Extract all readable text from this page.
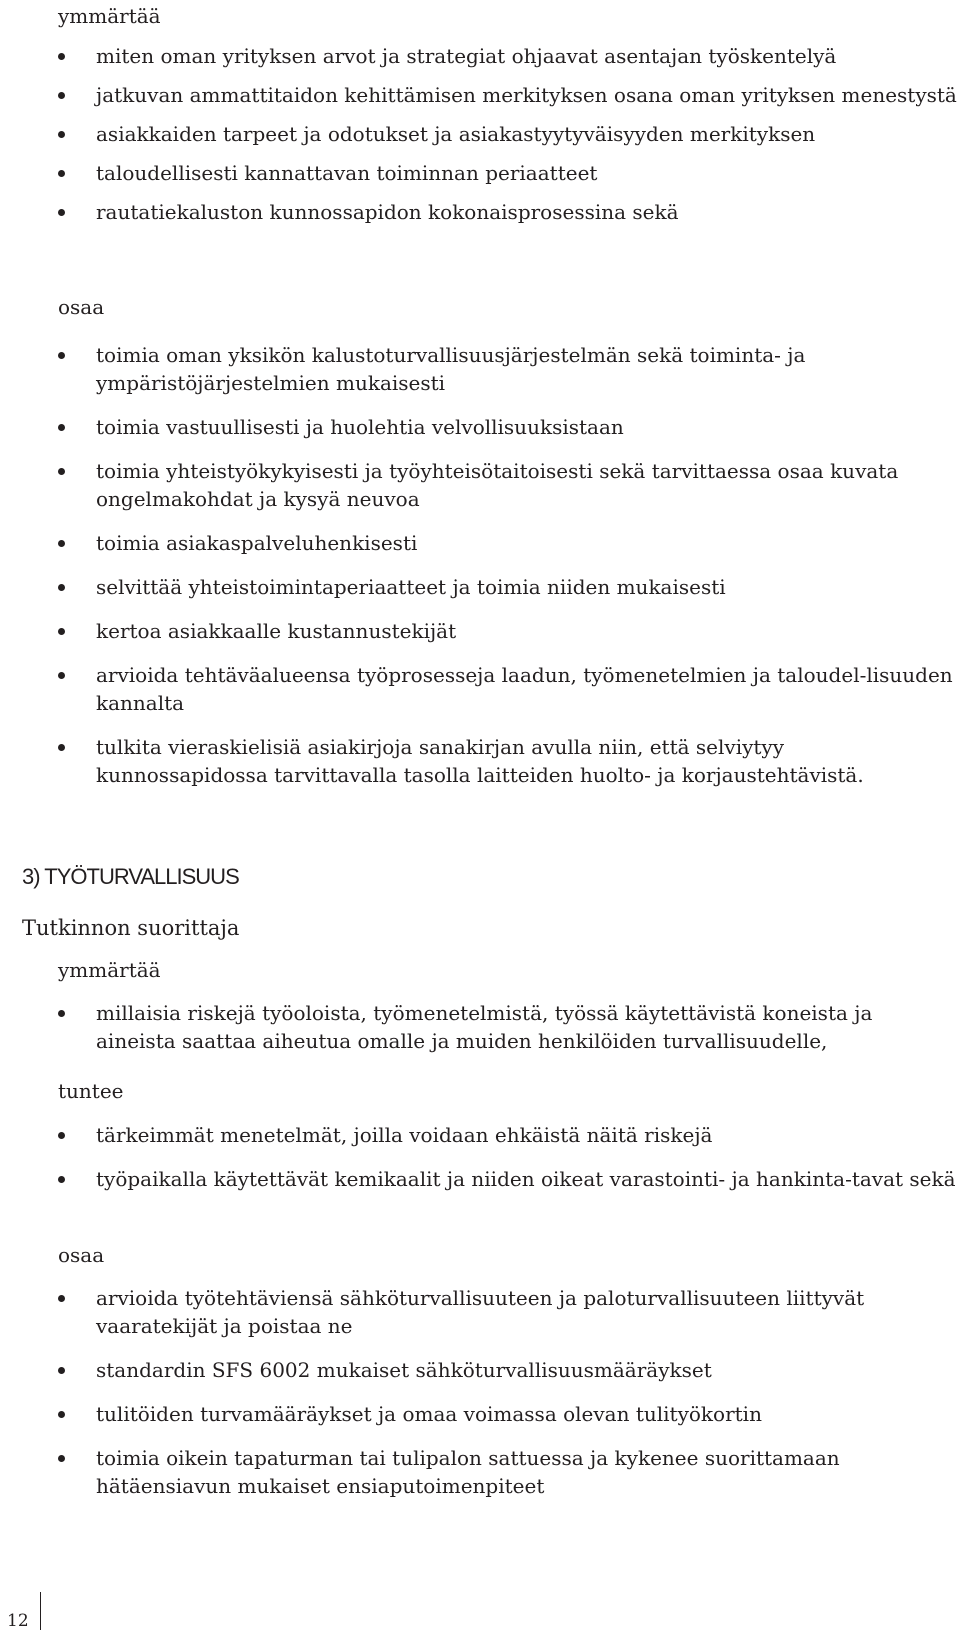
ymmärtää
miten oman yrityksen arvot ja strategiat ohjaavat asentajan työskentelyä
jatkuvan ammattitaidon kehittämisen merkityksen osana oman yrityksen menestystä
asiakkaiden tarpeet ja odotukset ja asiakastyytyväisyyden merkityksen
taloudellisesti kannattavan toiminnan periaatteet
rautatiekaluston kunnossapidon kokonaisprosessina sekä
osaa
toimia oman yksikön kalustoturvallisuusjärjestelmän sekä toiminta- ja ympäristöjärjestelmien mukaisesti
toimia vastuullisesti ja huolehtia velvollisuuksistaan
toimia yhteistyökykyisesti ja työyhteisötaitoisesti sekä tarvittaessa osaa kuvata ongelmakohdat ja kysyä neuvoa
toimia asiakaspalveluhenkisesti
selvittää yhteistoimintaperiaatteet ja toimia niiden mukaisesti
kertoa asiakkaalle kustannustekijät
arvioida tehtäväalueensa työprosesseja laadun, työmenetelmien ja taloudel-lisuuden kannalta
tulkita vieraskielisiä asiakirjoja sanakirjan avulla niin, että selviytyy kunnossapidossa tarvittavalla tasolla laitteiden huolto- ja korjaustehtävistä.
3) TYÖTURVALLISUUS
Tutkinnon suorittaja
ymmärtää
millaisia riskejä työoloista, työmenetelmistä, työssä käytettävistä koneista ja aineista saattaa aiheutua omalle ja muiden henkilöiden turvallisuudelle,
tuntee
tärkeimmät menetelmät, joilla voidaan ehkäistä näitä riskejä
työpaikalla käytettävät kemikaalit ja niiden oikeat varastointi- ja hankinta-tavat sekä
osaa
arvioida työtehtäviensä sähköturvallisuuteen ja paloturvallisuuteen liittyvät vaaratekijät ja poistaa ne
standardin SFS 6002 mukaiset sähköturvallisuusmääräykset
tulitöiden turvamääräykset ja omaa voimassa olevan tulityökortin
toimia oikein tapaturman tai tulipalon sattuessa ja kykenee suorittamaan hätäensiavun mukaiset ensiaputoimenpiteet
12
